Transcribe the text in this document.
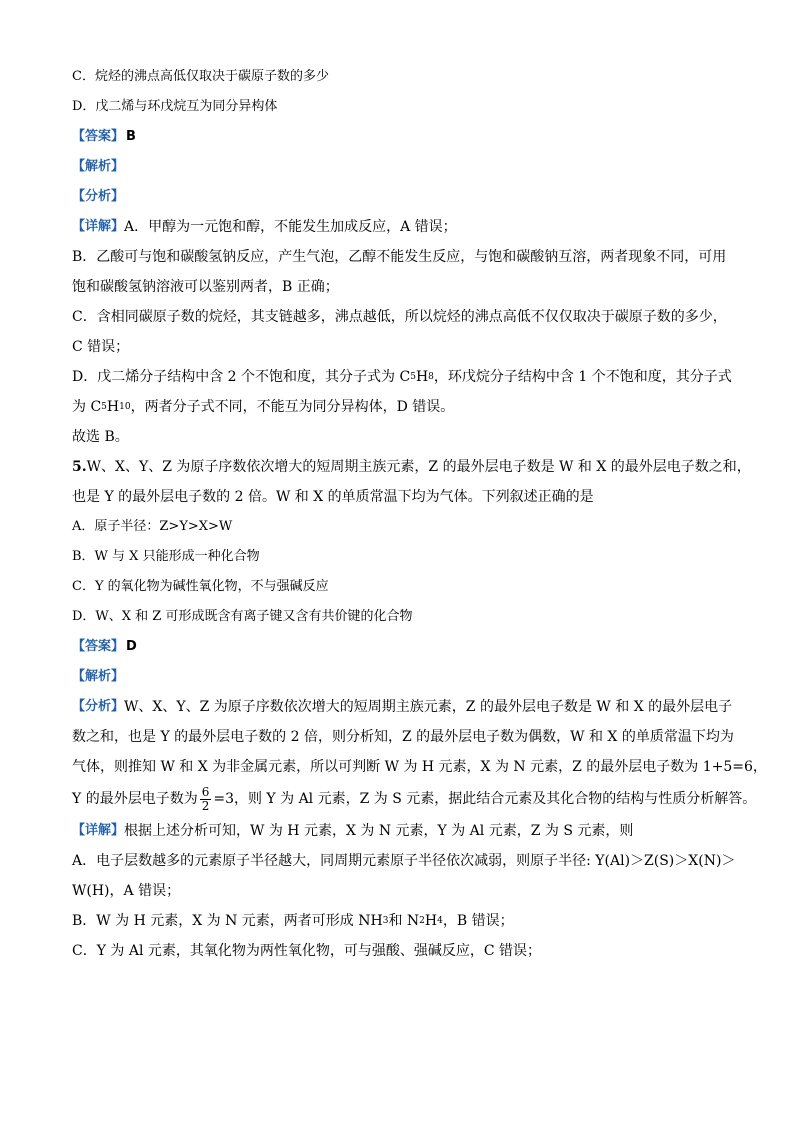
C．烷烃的沸点高低仅取决于碳原子数的多少
D．戊二烯与环戊烷互为同分异构体
【答案】 B
【解析】
【分析】
【详解】 A．甲醇为一元饱和醇，不能发生加成反应，A 错误；
B．乙酸可与饱和碳酸氢钠反应，产生气泡，乙醇不能发生反应，与饱和碳酸钠互溶，两者现象不同，可用
饱和碳酸氢钠溶液可以鉴别两者，B 正确；
C．含相同碳原子数的烷烃，其支链越多，沸点越低，所以烷烃的沸点高低不仅仅取决于碳原子数的多少，
C 错误；
D．戊二烯分子结构中含 2 个不饱和度，其分子式为 C 5 H 8 ，环戊烷分子结构中含 1 个不饱和度，其分子式
为 C 5 H 10 ，两者分子式不同，不能互为同分异构体，D 错误。
故选 B。
5. W、X、Y、Z 为原子序数依次增大的短周期主族元素，Z 的最外层电子数是 W 和 X 的最外层电子数之和，
也是 Y 的最外层电子数的 2 倍。W 和 X 的单质常温下均为气体。下列叙述正确的是
A．原子半径：Z>Y>X>W
B．W 与 X 只能形成一种化合物
C．Y 的氧化物为碱性氧化物，不与强碱反应
D．W、X 和 Z 可形成既含有离子键又含有共价键的化合物
【答案】 D
【解析】
【分析】 W、X、Y、Z 为原子序数依次增大的短周期主族元素，Z 的最外层电子数是 W 和 X 的最外层电子
数之和，也是 Y 的最外层电子数的 2 倍，则分析知，Z 的最外层电子数为偶数，W 和 X 的单质常温下均为
气体，则推知 W 和 X 为非金属元素，所以可判断 W 为 H 元素，X 为 N 元素，Z 的最外层电子数为 1+5=6，
Y 的最外层电子数为 $\frac{6}{2} =3$，则 Y 为 Al 元素，Z 为 S 元素，据此结合元素及其化合物的结构与性质分析解答。
【详解】 根据上述分析可知，W 为 H 元素，X 为 N 元素，Y 为 Al 元素，Z 为 S 元素，则
A．电子层数越多的元素原子半径越大，同周期元素原子半径依次减弱，则原子半径: Y(Al)＞Z(S)＞X(N)＞
W(H)，A 错误；
B．W 为 H 元素，X 为 N 元素，两者可形成 NH 3 和 N 2 H 4 ，B 错误；
C．Y 为 Al 元素，其氧化物为两性氧化物，可与强酸、强碱反应，C 错误；
